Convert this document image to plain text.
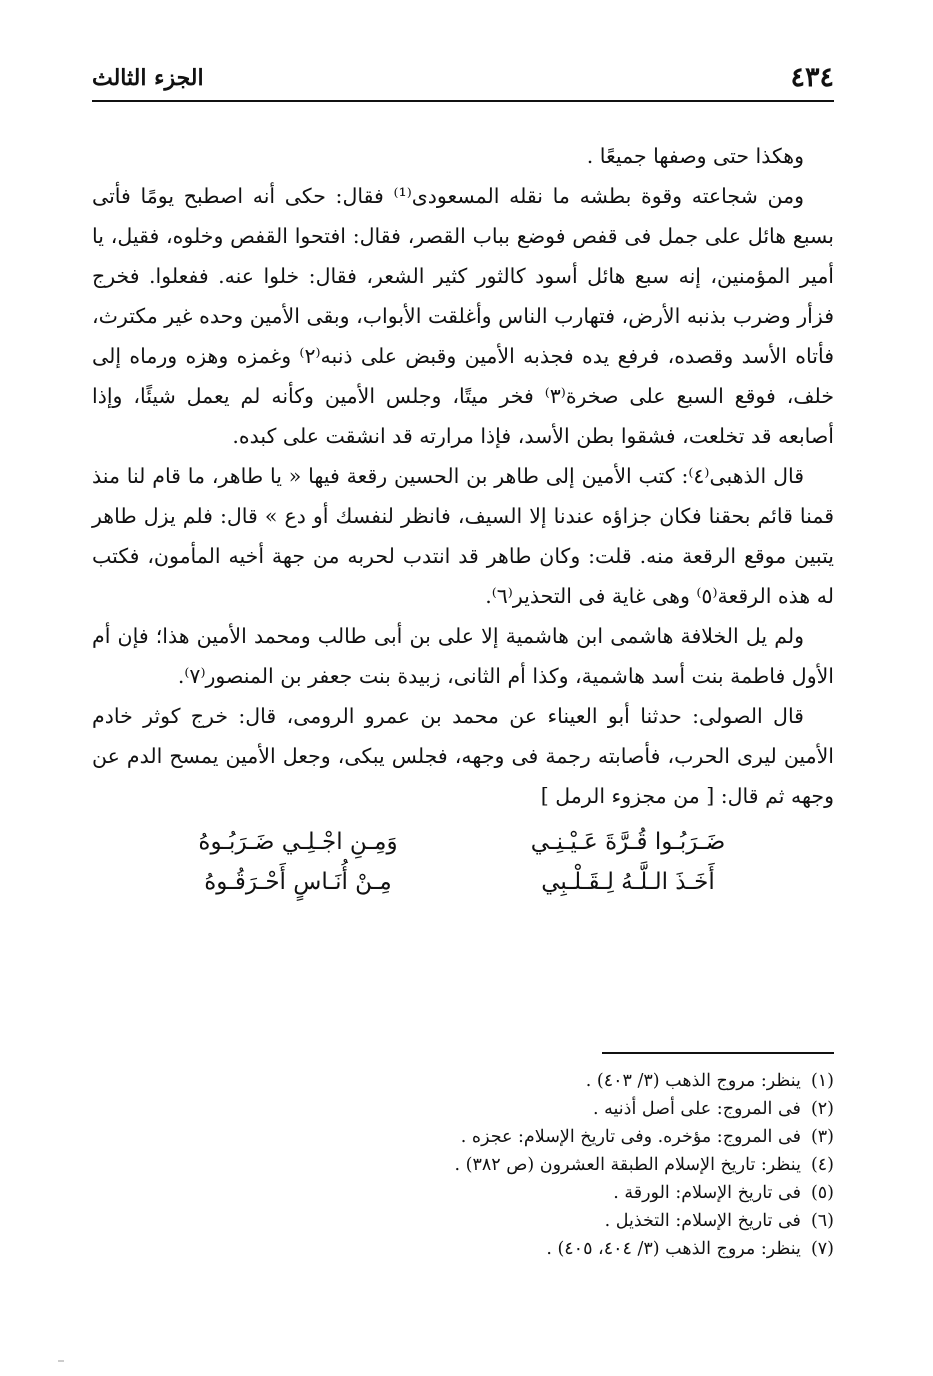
٤٣٤
الجزء الثالث

وهكذا حتى وصفها جميعًا .

ومن شجاعته وقوة بطشه ما نقله المسعودى⁽¹⁾ فقال: حكى أنه اصطبح يومًا فأتى بسبع هائل على جمل فى قفص فوضع بباب القصر، فقال: افتحوا القفص وخلوه، فقيل، يا أمير المؤمنين، إنه سبع هائل أسود كالثور كثير الشعر، فقال: خلوا عنه. ففعلوا. فخرج فزأر وضرب بذنبه الأرض، فتهارب الناس وأغلقت الأبواب، وبقى الأمين وحده غير مكترث، فأتاه الأسد وقصده، فرفع يده فجذبه الأمين وقبض على ذنبه⁽٢⁾ وغمزه وهزه ورماه إلى خلف، فوقع السبع على صخرة⁽٣⁾ فخر ميتًا، وجلس الأمين وكأنه لم يعمل شيئًا، وإذا أصابعه قد تخلعت، فشقوا بطن الأسد، فإذا مرارته قد انشقت على كبده.

قال الذهبى⁽٤⁾: كتب الأمين إلى طاهر بن الحسين رقعة فيها « يا طاهر، ما قام لنا منذ قمنا قائم بحقنا فكان جزاؤه عندنا إلا السيف، فانظر لنفسك أو دع » قال: فلم يزل طاهر يتبين موقع الرقعة منه. قلت: وكان طاهر قد انتدب لحربه من جهة أخيه المأمون، فكتب له هذه الرقعة⁽٥⁾ وهى غاية فى التحذير⁽٦⁾.

ولم يل الخلافة هاشمى ابن هاشمية إلا على بن أبى طالب ومحمد الأمين هذا؛ فإن أم الأول فاطمة بنت أسد هاشمية، وكذا أم الثانى، زبيدة بنت جعفر بن المنصور⁽٧⁾.

قال الصولى: حدثنا أبو العيناء عن محمد بن عمرو الرومى، قال: خرج كوثر خادم الأمين ليرى الحرب، فأصابته رجمة فى وجهه، فجلس يبكى، وجعل الأمين يمسح الدم عن وجهه ثم قال: [ من مجزوء الرمل ]

ضَـرَبُـوا قُـرَّةَ عَـيْـنِـي
وَمِـنِ اجْـلِـي ضَـرَبُـوهُ
أَخَـذَ الـلَّـهُ لِـقَـلْـبِي
مِـنْ أُنَـاسٍ أَحْـرَقُـوهُ

(١)ينظر: مروج الذهب (٣/ ٤٠٣) .

(٢)فى المروج: على أصل أذنيه .

(٣)فى المروج: مؤخره. وفى تاريخ الإسلام: عجزه .

(٤)ينظر: تاريخ الإسلام الطبقة العشرون (ص ٣٨٢) .

(٥)فى تاريخ الإسلام: الورقة .

(٦)فى تاريخ الإسلام: التخذيل .

(٧)ينظر: مروج الذهب (٣/ ٤٠٤، ٤٠٥) .
